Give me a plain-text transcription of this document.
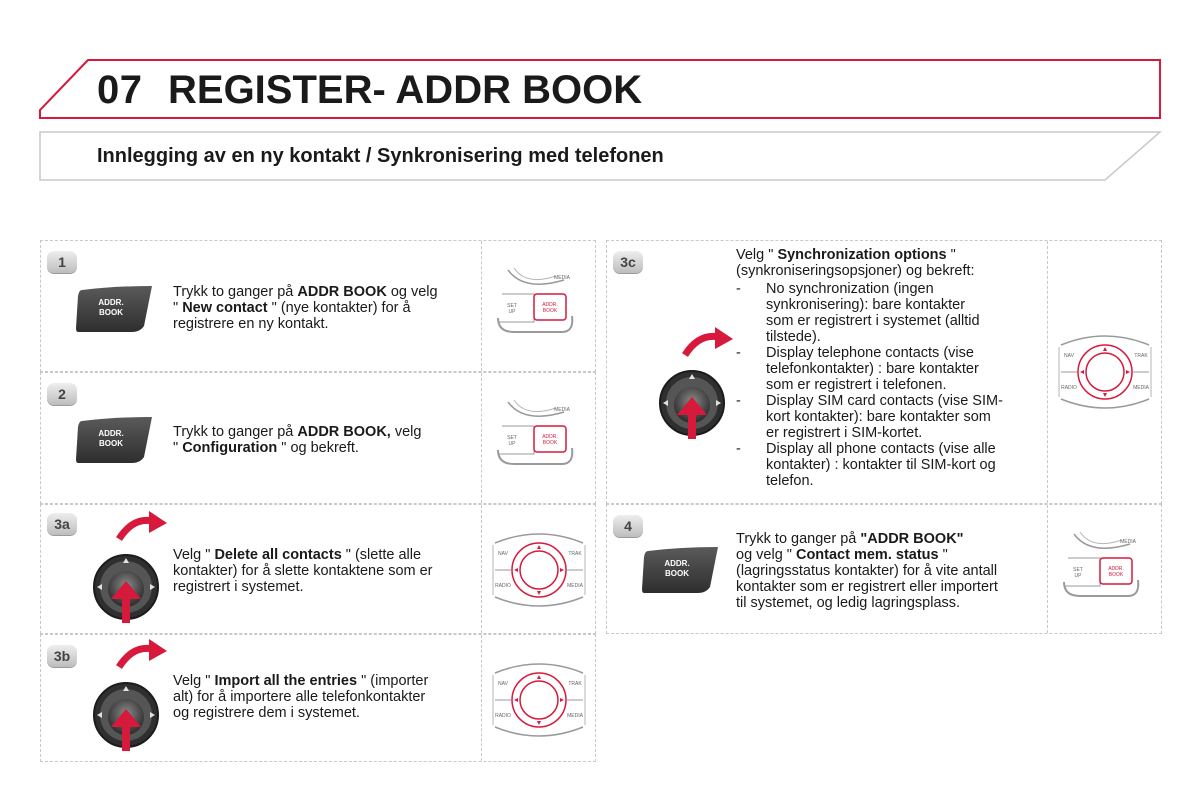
07 REGISTER- ADDR BOOK
Innlegging av en ny kontakt / Synkronisering med telefonen
1
ADDR.
BOOK
Trykk to ganger på ADDR BOOK og velg
" New contact " (nye kontakter) for å
registrere en ny kontakt.
MEDIA
SET
UP
ADDR.
BOOK
2
ADDR.
BOOK
Trykk to ganger på ADDR BOOK, velg
" Configuration " og bekreft.
MEDIA
SET
UP
ADDR.
BOOK
3a
Velg " Delete all contacts " (slette alle
kontakter) for å slette kontaktene som er
registrert i systemet.
NAV	TRAK
RADIO	MEDIA
3b
Velg " Import all the entries " (importer
alt) for å importere alle telefonkontakter
og registrere dem i systemet.
NAV	TRAK
RADIO	MEDIA
3c	Velg " Synchronization options "
(synkroniseringsopsjoner) og bekreft:
- No synchronization (ingen
synkronisering): bare kontakter
som er registrert i systemet (alltid
tilstede).
- Display telephone contacts (vise
telefonkontakter) : bare kontakter
som er registrert i telefonen.
- Display SIM card contacts (vise SIM-
kort kontakter): bare kontakter som
er registrert i SIM-kortet.
- Display all phone contacts (vise alle
kontakter) : kontakter til SIM-kort og
telefon.
NAV	TRAK
RADIO	MEDIA
4
ADDR.
BOOK
Trykk to ganger på "ADDR BOOK"
og velg " Contact mem. status "
(lagringsstatus kontakter) for å vite antall
kontakter som er registrert eller importert
til systemet, og ledig lagringsplass.
MEDIA
SET
UP
ADDR.
BOOK
